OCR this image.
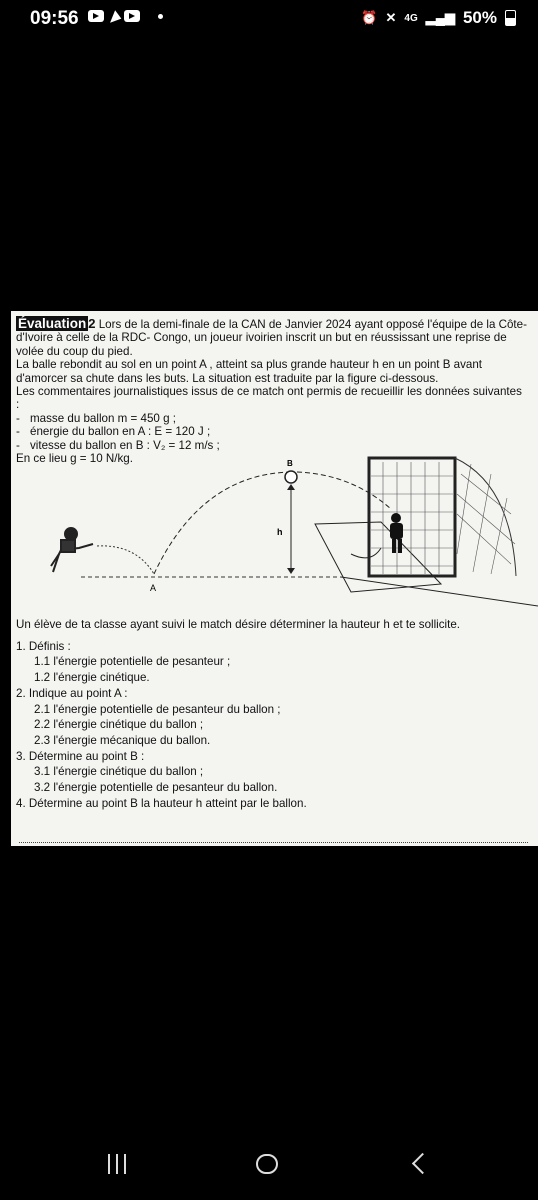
09:56	⏰ ✕ 4G ▂▄▆ 50%

Évaluation 2 Lors de la demi-finale de la CAN de Janvier 2024 ayant opposé l'équipe de la Côte-d'Ivoire à celle de la RDC- Congo, un joueur ivoirien inscrit un but en réussissant une reprise de volée du coup du pied.

La balle rebondit au sol en un point A , atteint sa plus grande hauteur h en un point B avant d'amorcer sa chute dans les buts. La situation est traduite par la figure ci-dessous.

Les commentaires journalistiques issus de ce match ont permis de recueillir les données suivantes :

- masse du ballon m = 450 g ;
- énergie du ballon en A : E = 120 J ;
- vitesse du ballon en B : V₂ = 12 m/s ;

En ce lieu g = 10 N/kg.	B
h
A

Un élève de ta classe ayant suivi le match désire déterminer la hauteur h et te sollicite.

1. Définis :

1.1 l'énergie potentielle de pesanteur ;

1.2 l'énergie cinétique.

2. Indique au point A :

2.1 l'énergie potentielle de pesanteur du ballon ;

2.2 l'énergie cinétique du ballon ;

2.3 l'énergie mécanique du ballon.

3. Détermine au point B :

3.1 l'énergie cinétique du ballon ;

3.2 l'énergie potentielle de pesanteur du ballon.

4. Détermine au point B la hauteur h atteint par le ballon.
